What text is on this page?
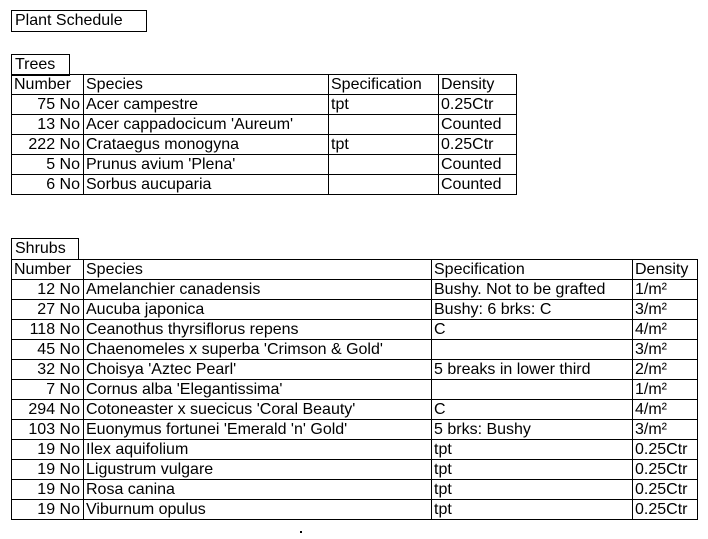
Plant Schedule
Trees
Number	Species	Specification	Density
75 No	Acer campestre	tpt	0.25Ctr
13 No	Acer cappadocicum 'Aureum'		Counted
222 No	Crataegus monogyna	tpt	0.25Ctr
5 No	Prunus avium 'Plena'		Counted
6 No	Sorbus aucuparia		Counted
Shrubs
Number	Species	Specification	Density
12 No	Amelanchier canadensis	Bushy. Not to be grafted	1/m²
27 No	Aucuba japonica	Bushy: 6 brks: C	3/m²
118 No	Ceanothus thyrsiflorus repens	C	4/m²
45 No	Chaenomeles x superba 'Crimson & Gold'		3/m²
32 No	Choisya 'Aztec Pearl'	5 breaks in lower third	2/m²
7 No	Cornus alba 'Elegantissima'		1/m²
294 No	Cotoneaster x suecicus 'Coral Beauty'	C	4/m²
103 No	Euonymus fortunei 'Emerald 'n' Gold'	5 brks: Bushy	3/m²
19 No	Ilex aquifolium	tpt	0.25Ctr
19 No	Ligustrum vulgare	tpt	0.25Ctr
19 No	Rosa canina	tpt	0.25Ctr
19 No	Viburnum opulus	tpt	0.25Ctr
